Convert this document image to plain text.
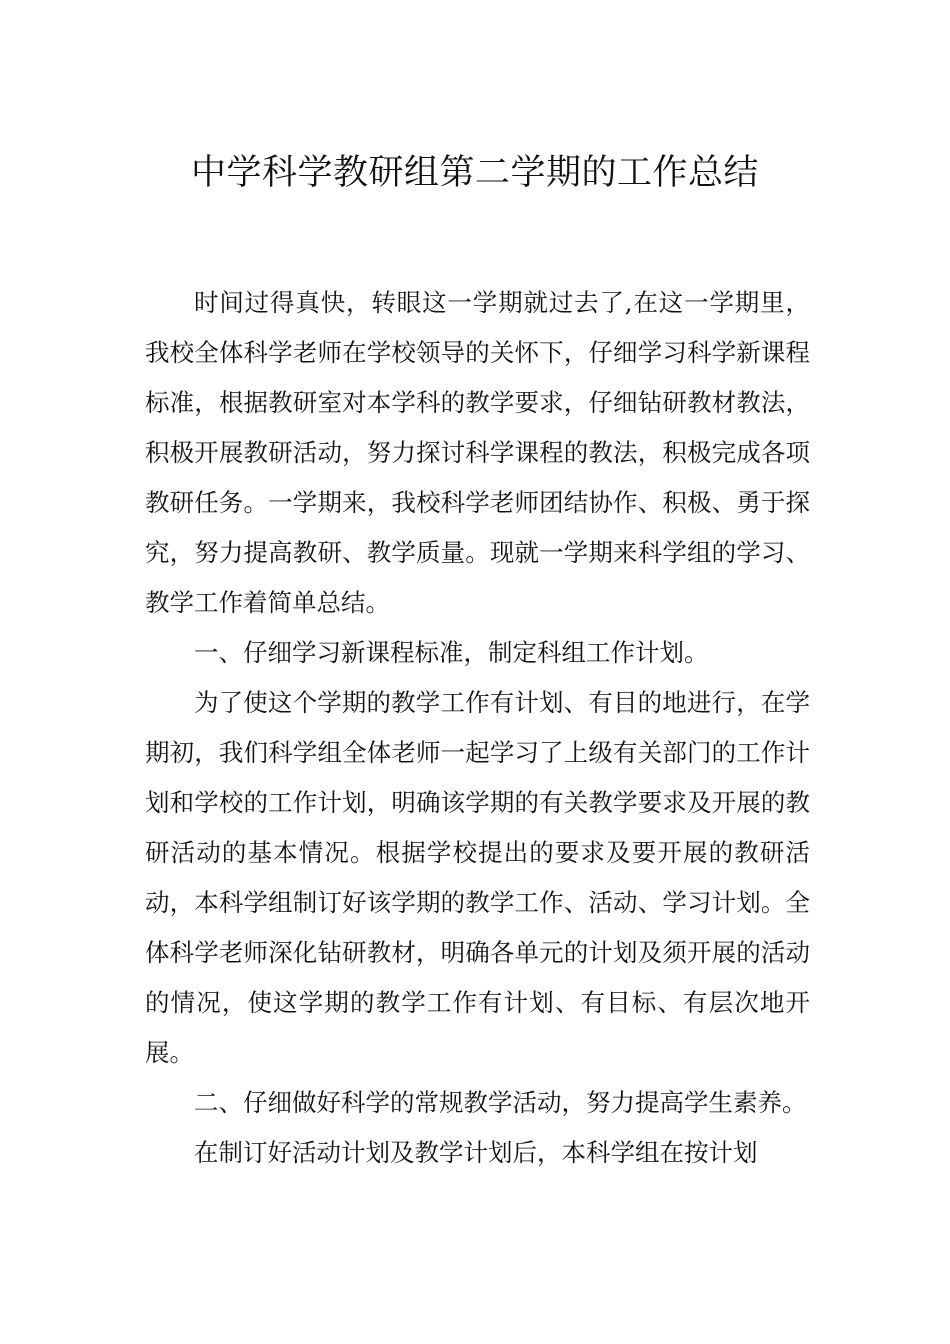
中学科学教研组第二学期的工作总结

时间过得真快，转眼这一学期就过去了,在这一学期里，我校全体科学老师在学校领导的关怀下，仔细学习科学新课程标准，根据教研室对本学科的教学要求，仔细钻研教材教法，积极开展教研活动，努力探讨科学课程的教法，积极完成各项教研任务。一学期来，我校科学老师团结协作、积极、勇于探究，努力提高教研、教学质量。现就一学期来科学组的学习、教学工作着简单总结。

一、仔细学习新课程标准，制定科组工作计划。

为了使这个学期的教学工作有计划、有目的地进行，在学期初，我们科学组全体老师一起学习了上级有关部门的工作计划和学校的工作计划，明确该学期的有关教学要求及开展的教研活动的基本情况。根据学校提出的要求及要开展的教研活动，本科学组制订好该学期的教学工作、活动、学习计划。全体科学老师深化钻研教材，明确各单元的计划及须开展的活动的情况，使这学期的教学工作有计划、有目标、有层次地开展。

二、仔细做好科学的常规教学活动，努力提高学生素养。

在制订好活动计划及教学计划后，本科学组在按计划
